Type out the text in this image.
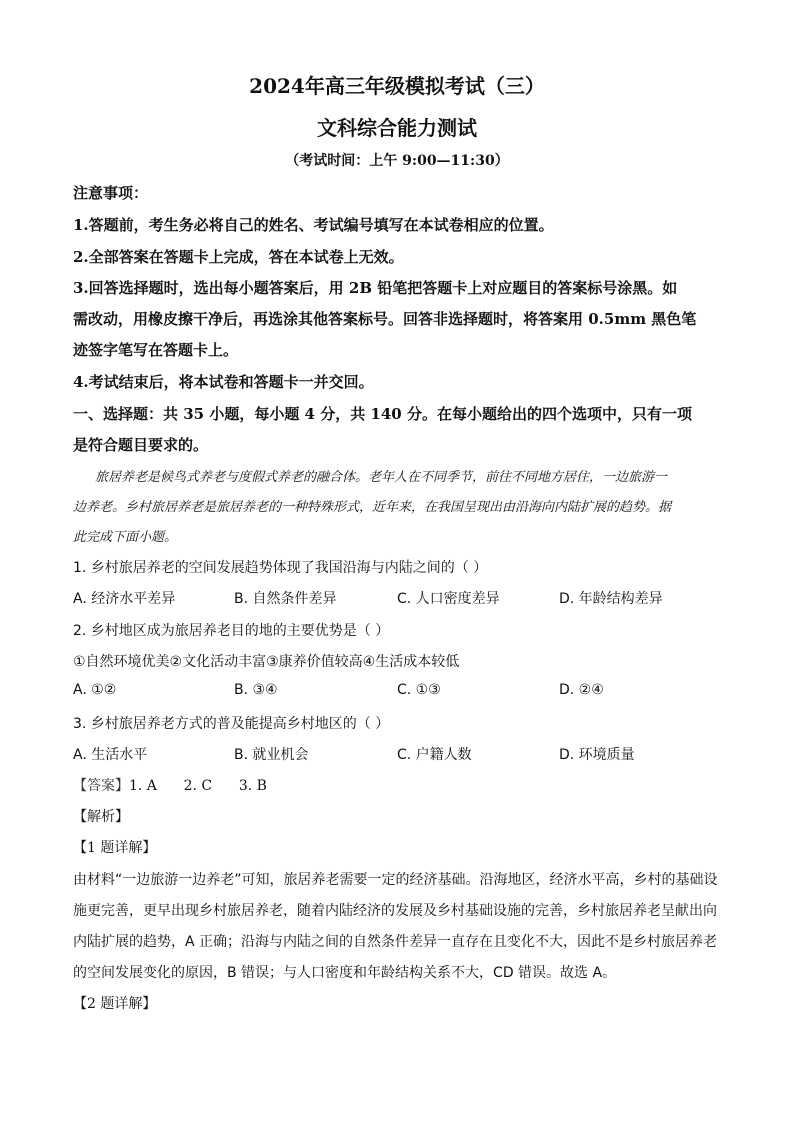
2024年高三年级模拟考试（三）
文科综合能力测试
（考试时间：上午 9:00—11:30）
注意事项：
1.答题前，考生务必将自己的姓名、考试编号填写在本试卷相应的位置。
2.全部答案在答题卡上完成，答在本试卷上无效。
3.回答选择题时，选出每小题答案后，用 2B 铅笔把答题卡上对应题目的答案标号涂黑。如
需改动，用橡皮擦干净后，再选涂其他答案标号。回答非选择题时，将答案用 0.5mm 黑色笔
迹签字笔写在答题卡上。
4.考试结束后，将本试卷和答题卡一并交回。
一、选择题：共 35 小题，每小题 4 分，共 140 分。在每小题给出的四个选项中，只有一项
是符合题目要求的。
旅居养老是候鸟式养老与度假式养老的融合体。老年人在不同季节，前往不同地方居住，一边旅游一
边养老。乡村旅居养老是旅居养老的一种特殊形式，近年来，在我国呈现出由沿海向内陆扩展的趋势。据
此完成下面小题。
1. 乡村旅居养老的空间发展趋势体现了我国沿海与内陆之间的（ ）
A. 经济水平差异	B. 自然条件差异	C. 人口密度差异	D. 年龄结构差异
2. 乡村地区成为旅居养老目的地的主要优势是（ ）
①自然环境优美②文化活动丰富③康养价值较高④生活成本较低
A. ①②	B. ③④	C. ①③	D. ②④
3. 乡村旅居养老方式的普及能提高乡村地区的（ ）
A. 生活水平	B. 就业机会	C. 户籍人数	D. 环境质量
【答案】1. A      2. C      3. B
【解析】
【1 题详解】
由材料“一边旅游一边养老”可知，旅居养老需要一定的经济基础。沿海地区，经济水平高，乡村的基础设
施更完善，更早出现乡村旅居养老，随着内陆经济的发展及乡村基础设施的完善，乡村旅居养老呈献出向
内陆扩展的趋势，A 正确；沿海与内陆之间的自然条件差异一直存在且变化不大，因此不是乡村旅居养老
的空间发展变化的原因，B 错误；与人口密度和年龄结构关系不大，CD 错误。故选 A。
【2 题详解】
